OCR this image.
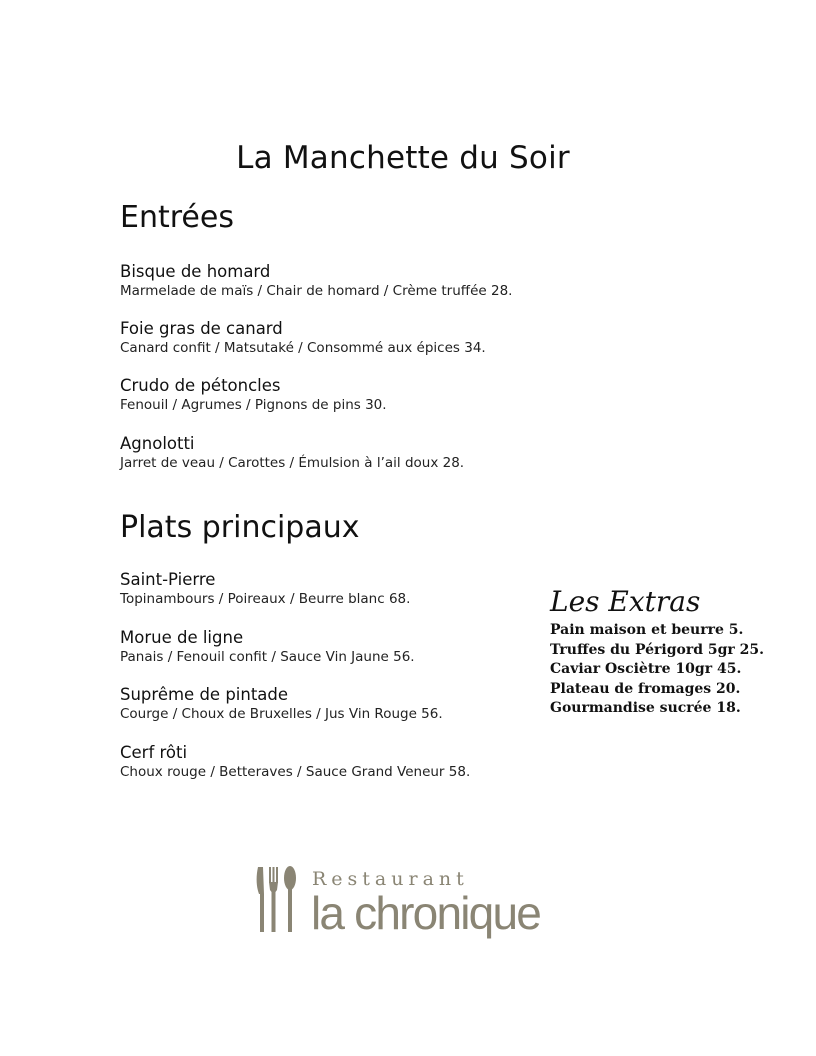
La Manchette du Soir
Entrées
Bisque de homard
Marmelade de maïs / Chair de homard / Crème truffée 28.
Foie gras de canard
Canard confit / Matsutaké / Consommé aux épices 34.
Crudo de pétoncles
Fenouil / Agrumes / Pignons de pins 30.
Agnolotti
Jarret de veau / Carottes / Émulsion à l’ail doux 28.
Plats principaux
Saint-Pierre
Topinambours / Poireaux / Beurre blanc 68.
Morue de ligne
Panais / Fenouil confit / Sauce Vin Jaune 56.
Suprême de pintade
Courge / Choux de Bruxelles / Jus Vin Rouge 56.
Cerf rôti
Choux rouge / Betteraves / Sauce Grand Veneur 58.
Les Extras
Pain maison et beurre 5.
Truffes du Périgord 5gr 25.
Caviar Oscièt​re 10gr 45.
Plateau de fromages 20.
Gourmandise sucrée 18.
Restaurant
la chronique
